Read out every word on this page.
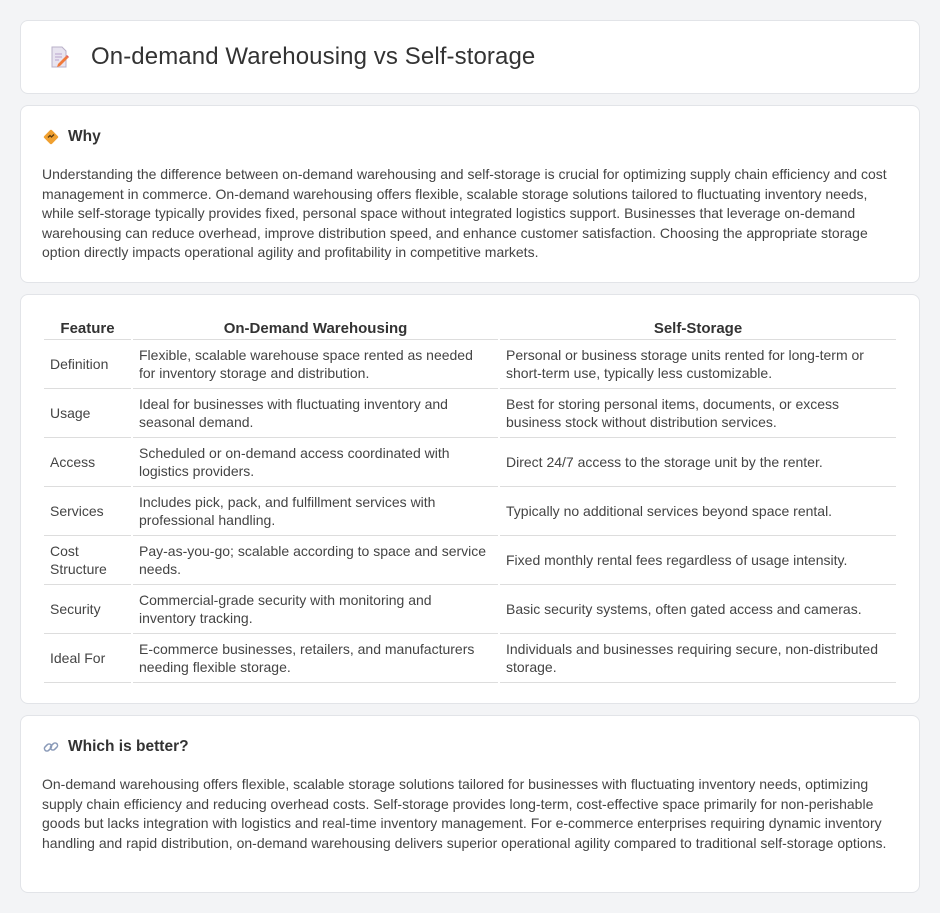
On-demand Warehousing vs Self-storage
Why

Understanding the difference between on-demand warehousing and self-storage is crucial for optimizing supply chain efficiency and cost management in commerce. On-demand warehousing offers flexible, scalable storage solutions tailored to fluctuating inventory needs, while self-storage typically provides fixed, personal space without integrated logistics support. Businesses that leverage on-demand warehousing can reduce overhead, improve distribution speed, and enhance customer satisfaction. Choosing the appropriate storage option directly impacts operational agility and profitability in competitive markets.

Feature	On-Demand Warehousing	Self-Storage
Definition	Flexible, scalable warehouse space rented as needed for inventory storage and distribution.	Personal or business storage units rented for long-term or short-term use, typically less customizable.
Usage	Ideal for businesses with fluctuating inventory and seasonal demand.	Best for storing personal items, documents, or excess business stock without distribution services.
Access	Scheduled or on-demand access coordinated with logistics providers.	Direct 24/7 access to the storage unit by the renter.
Services	Includes pick, pack, and fulfillment services with professional handling.	Typically no additional services beyond space rental.
Cost Structure	Pay-as-you-go; scalable according to space and service needs.	Fixed monthly rental fees regardless of usage intensity.
Security	Commercial-grade security with monitoring and inventory tracking.	Basic security systems, often gated access and cameras.
Ideal For	E-commerce businesses, retailers, and manufacturers needing flexible storage.	Individuals and businesses requiring secure, non-distributed storage.
Which is better?

On-demand warehousing offers flexible, scalable storage solutions tailored for businesses with fluctuating inventory needs, optimizing supply chain efficiency and reducing overhead costs. Self-storage provides long-term, cost-effective space primarily for non-perishable goods but lacks integration with logistics and real-time inventory management. For e-commerce enterprises requiring dynamic inventory handling and rapid distribution, on-demand warehousing delivers superior operational agility compared to traditional self-storage options.
